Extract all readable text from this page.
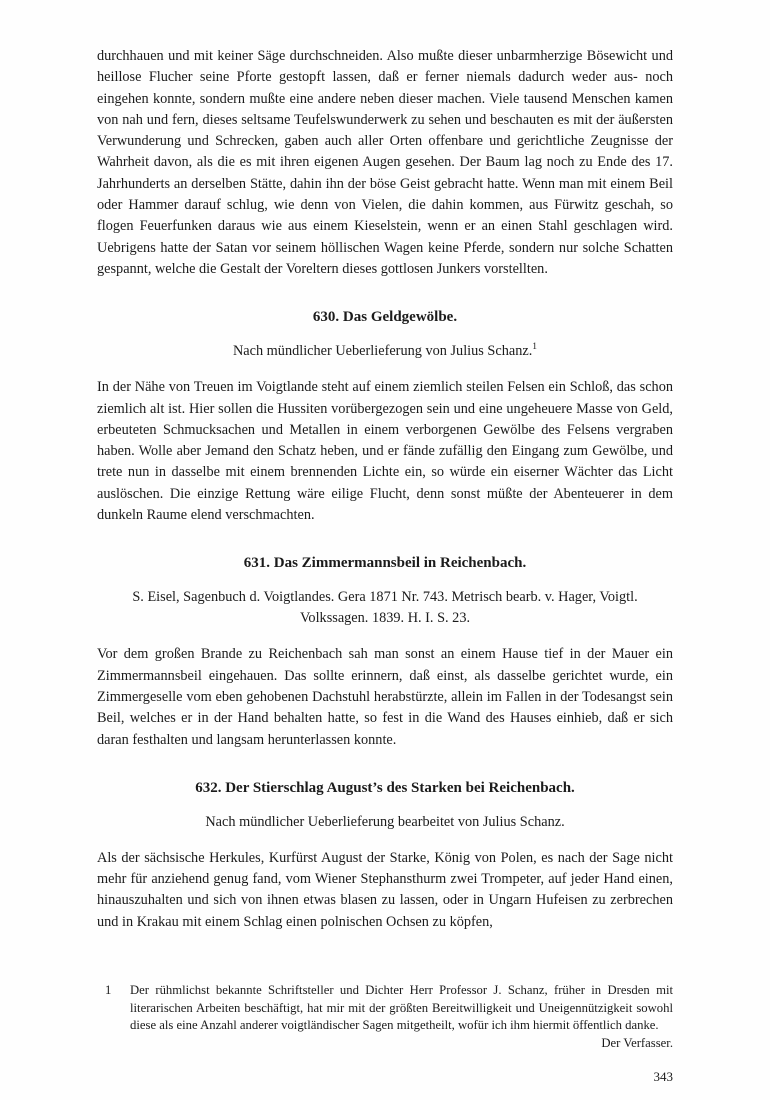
durchhauen und mit keiner Säge durchschneiden. Also mußte dieser unbarmherzige Bösewicht und heillose Flucher seine Pforte gestopft lassen, daß er ferner niemals dadurch weder aus- noch eingehen konnte, sondern mußte eine andere neben dieser machen. Viele tausend Menschen kamen von nah und fern, dieses seltsame Teufelswunderwerk zu sehen und beschauten es mit der äußersten Verwunderung und Schrecken, gaben auch aller Orten offenbare und gerichtliche Zeugnisse der Wahrheit davon, als die es mit ihren eigenen Augen gesehen. Der Baum lag noch zu Ende des 17. Jahrhunderts an derselben Stätte, dahin ihn der böse Geist gebracht hatte. Wenn man mit einem Beil oder Hammer darauf schlug, wie denn von Vielen, die dahin kommen, aus Fürwitz geschah, so flogen Feuerfunken daraus wie aus einem Kieselstein, wenn er an einen Stahl geschlagen wird. Uebrigens hatte der Satan vor seinem höllischen Wagen keine Pferde, sondern nur solche Schatten gespannt, welche die Gestalt der Voreltern dieses gottlosen Junkers vorstellten.

630. Das Geldgewölbe.

Nach mündlicher Ueberlieferung von Julius Schanz.$^1$

In der Nähe von Treuen im Voigtlande steht auf einem ziemlich steilen Felsen ein Schloß, das schon ziemlich alt ist. Hier sollen die Hussiten vorübergezogen sein und eine ungeheuere Masse von Geld, erbeuteten Schmucksachen und Metallen in einem verborgenen Gewölbe des Felsens vergraben haben. Wolle aber Jemand den Schatz heben, und er fände zufällig den Eingang zum Gewölbe, und trete nun in dasselbe mit einem brennenden Lichte ein, so würde ein eiserner Wächter das Licht auslöschen. Die einzige Rettung wäre eilige Flucht, denn sonst müßte der Abenteuerer in dem dunkeln Raume elend verschmachten.

631. Das Zimmermannsbeil in Reichenbach.

S. Eisel, Sagenbuch d. Voigtlandes. Gera 1871 Nr. 743. Metrisch bearb. v. Hager, Voigtl. Volkssagen. 1839. H. I. S. 23.

Vor dem großen Brande zu Reichenbach sah man sonst an einem Hause tief in der Mauer ein Zimmermannsbeil eingehauen. Das sollte erinnern, daß einst, als dasselbe gerichtet wurde, ein Zimmergeselle vom eben gehobenen Dachstuhl herabstürzte, allein im Fallen in der Todesangst sein Beil, welches er in der Hand behalten hatte, so fest in die Wand des Hauses einhieb, daß er sich daran festhalten und langsam herunterlassen konnte.

632. Der Stierschlag August’s des Starken bei Reichenbach.

Nach mündlicher Ueberlieferung bearbeitet von Julius Schanz.

Als der sächsische Herkules, Kurfürst August der Starke, König von Polen, es nach der Sage nicht mehr für anziehend genug fand, vom Wiener Stephansthurm zwei Trompeter, auf jeder Hand einen, hinauszuhalten und sich von ihnen etwas blasen zu lassen, oder in Ungarn Hufeisen zu zerbrechen und in Krakau mit einem Schlag einen polnischen Ochsen zu köpfen,

1 Der rühmlichst bekannte Schriftsteller und Dichter Herr Professor J. Schanz, früher in Dresden mit literarischen Arbeiten beschäftigt, hat mir mit der größten Bereitwilligkeit und Uneigennützigkeit sowohl diese als eine Anzahl anderer voigtländischer Sagen mitgetheilt, wofür ich ihm hiermit öffentlich danke.
Der Verfasser.
343
